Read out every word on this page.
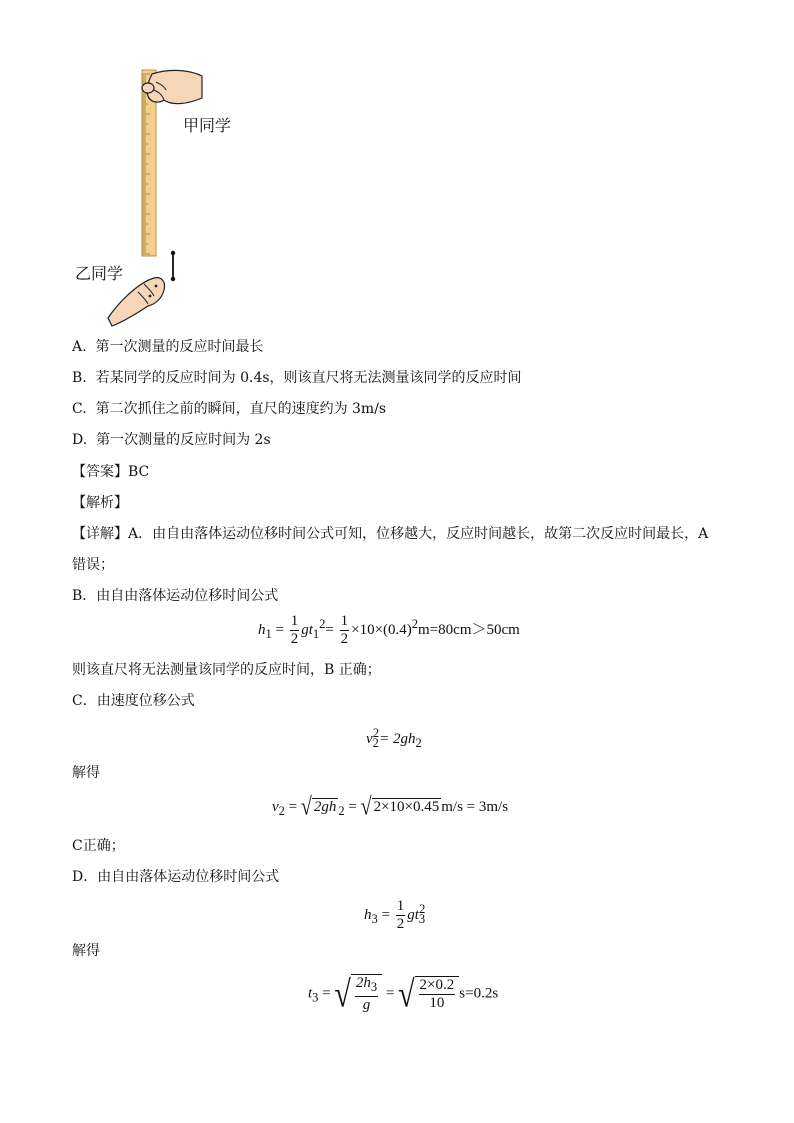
甲同学
乙同学
A. 第一次测量的反应时间最长
B. 若某同学的反应时间为 0.4s，则该直尺将无法测量该同学的反应时间
C. 第二次抓住之前的瞬间，直尺的速度约为 3m/s
D. 第一次测量的反应时间为 2s
【答案】BC
【解析】
【详解】A．由自由落体运动位移时间公式可知，位移越大，反应时间越长，故第二次反应时间最长，A
错误；
B．由自由落体运动位移时间公式
$h_1 = \frac{1}{2} gt_1^2= \frac{1}{2} \times 10\times(0.4)^2m=80cm>50cm$
则该直尺将无法测量该同学的反应时间，B 正确；
C．由速度位移公式
$v_2^2= 2gh_2$
解得
$v_2$ = √ 2gh $_2$ = √ 2×10×0.45 m/s = 3m/s
C正确；
D．由自由落体运动位移时间公式
$h_3 = \frac{1}{2} gt_3^2$
解得
$t_3$ = √ $\frac{2h_3}{g}$ = √ $\frac{2\times 0.2}{10} s=0.2s$
